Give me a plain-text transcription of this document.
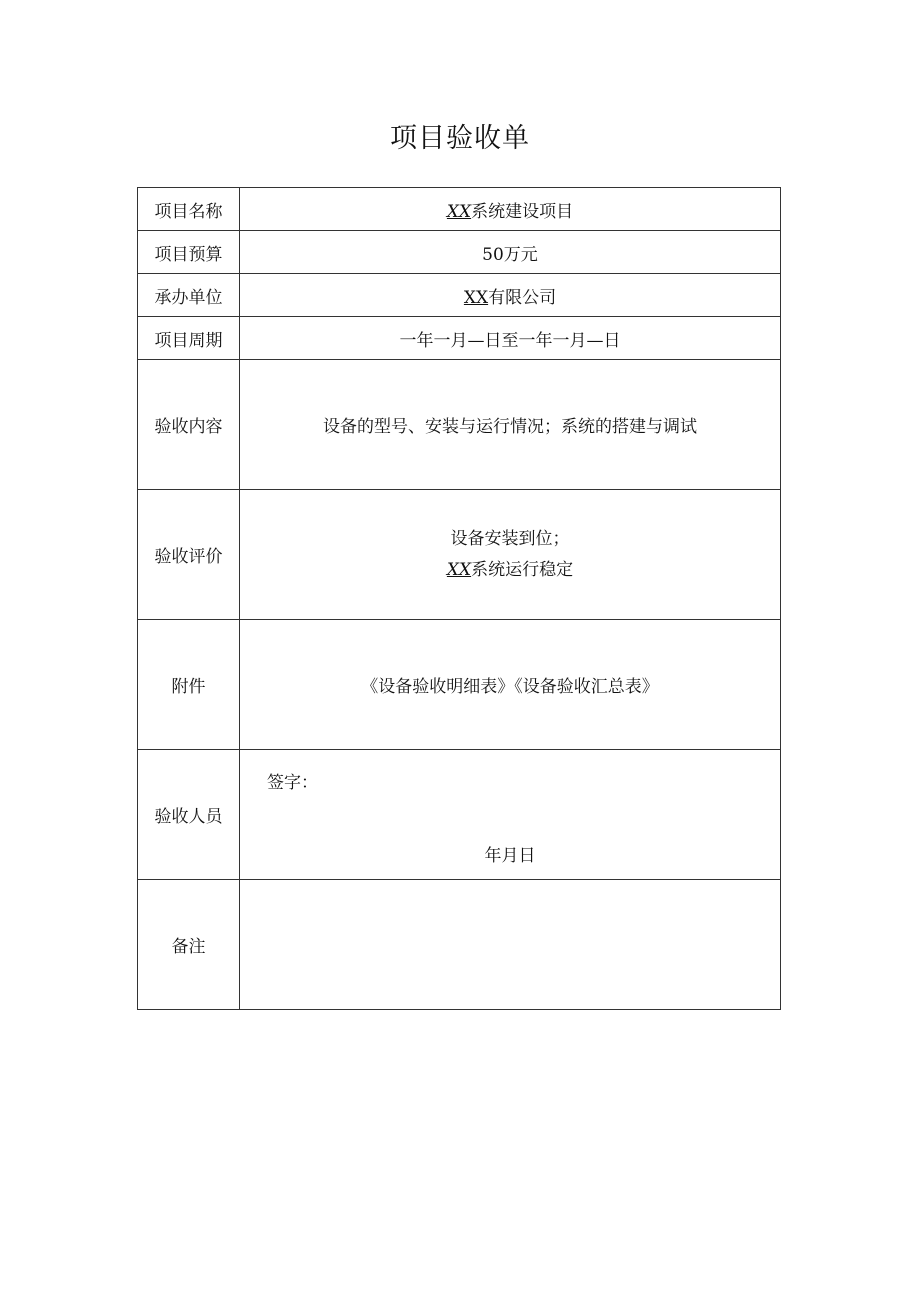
项目验收单
项目名称	XX系统建设项目
项目预算	50万元
承办单位	XX有限公司
项目周期	一年一月—日至一年一月—日
验收内容	设备的型号、安装与运行情况；系统的搭建与调试
验收评价	设备安装到位；
XX系统运行稳定

附件	《设备验收明细表》《设备验收汇总表》
验收人员	签字：
年月日

备注	
